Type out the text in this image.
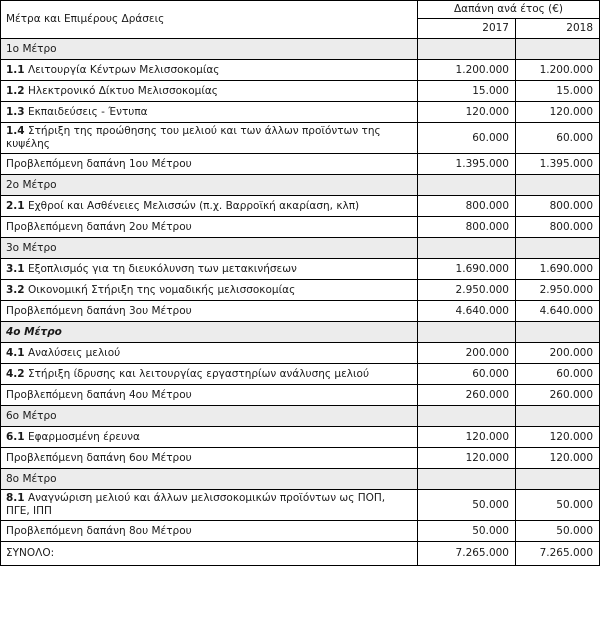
Μέτρα και Επιμέρους Δράσεις	Δαπάνη ανά έτος (€)	
	2017	2018
1ο Μέτρο		
1.1 Λειτουργία Κέντρων Μελισσοκομίας	1.200.000	1.200.000
1.2 Ηλεκτρονικό Δίκτυο Μελισσοκομίας	15.000	15.000
1.3 Εκπαιδεύσεις - Έντυπα	120.000	120.000
1.4 Στήριξη της προώθησης του μελιού και των άλλων προϊόντων της κυψέλης	60.000	60.000
Προβλεπόμενη δαπάνη 1ου Μέτρου	1.395.000	1.395.000
2ο Μέτρο		
2.1 Εχθροί και Ασθένειες Μελισσών (π.χ. Βαρροϊκή ακαρίαση, κλπ)	800.000	800.000
Προβλεπόμενη δαπάνη 2ου Μέτρου	800.000	800.000
3ο Μέτρο		
3.1 Εξοπλισμός για τη διευκόλυνση των μετακινήσεων	1.690.000	1.690.000
3.2 Οικονομική Στήριξη της νομαδικής μελισσοκομίας	2.950.000	2.950.000
Προβλεπόμενη δαπάνη 3ου Μέτρου	4.640.000	4.640.000
4ο Μέτρο		
4.1 Αναλύσεις μελιού	200.000	200.000
4.2 Στήριξη ίδρυσης και λειτουργίας εργαστηρίων ανάλυσης μελιού	60.000	60.000
Προβλεπόμενη δαπάνη 4ου Μέτρου	260.000	260.000
6ο Μέτρο		
6.1 Εφαρμοσμένη έρευνα	120.000	120.000
Προβλεπόμενη δαπάνη 6ου Μέτρου	120.000	120.000
8ο Μέτρο		
8.1 Αναγνώριση μελιού και άλλων μελισσοκομικών προϊόντων ως ΠΟΠ, ΠΓΕ, ΙΠΠ	50.000	50.000
Προβλεπόμενη δαπάνη 8ου Μέτρου	50.000	50.000
ΣΥΝΟΛΟ:	7.265.000	7.265.000
